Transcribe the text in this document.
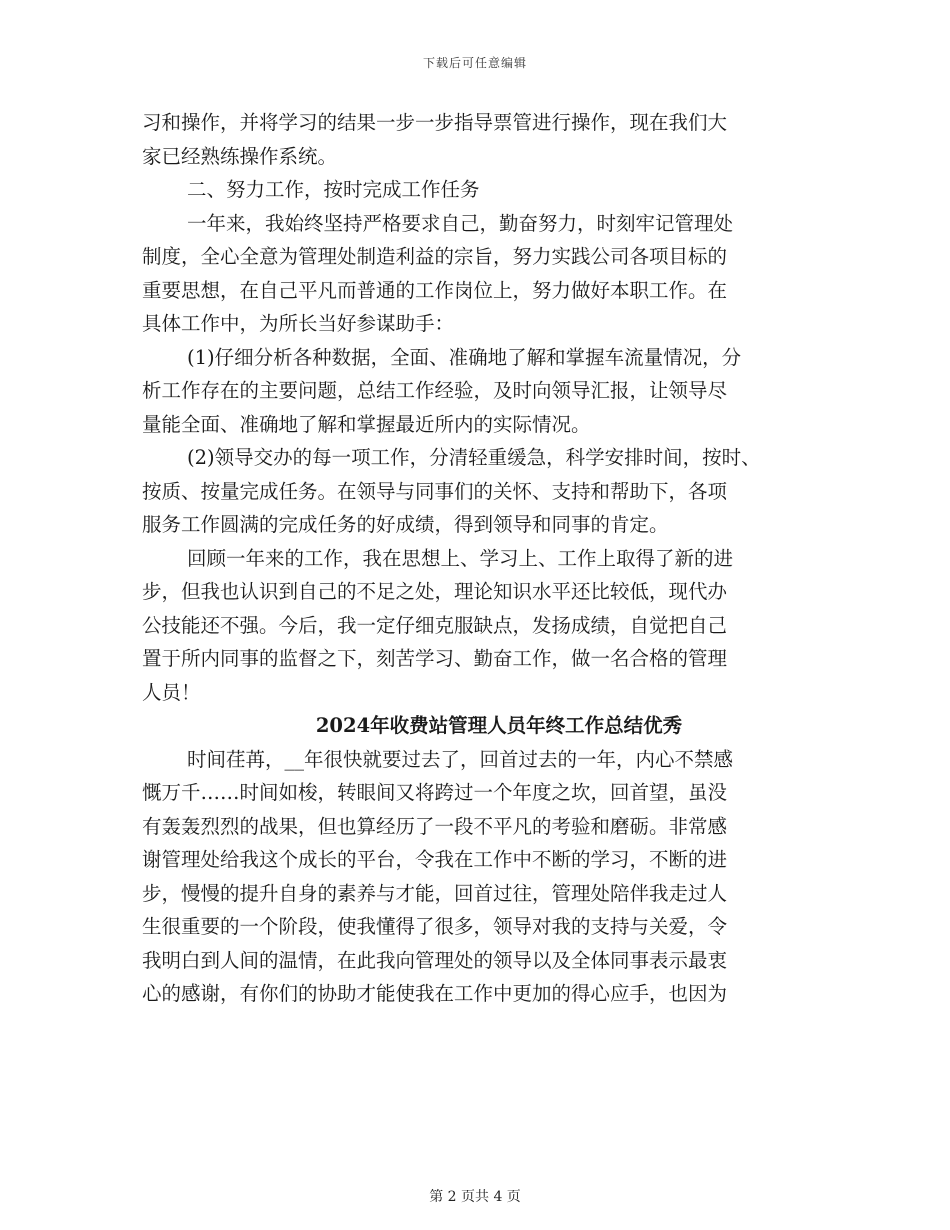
下载后可任意编辑
习和操作，并将学习的结果一步一步指导票管进行操作，现在我们大
家已经熟练操作系统。
二、努力工作，按时完成工作任务
一年来，我始终坚持严格要求自己，勤奋努力，时刻牢记管理处
制度，全心全意为管理处制造利益的宗旨，努力实践公司各项目标的
重要思想，在自己平凡而普通的工作岗位上，努力做好本职工作。在
具体工作中，为所长当好参谋助手：
(1)仔细分析各种数据，全面、准确地了解和掌握车流量情况，分
析工作存在的主要问题，总结工作经验，及时向领导汇报，让领导尽
量能全面、准确地了解和掌握最近所内的实际情况。
(2)领导交办的每一项工作，分清轻重缓急，科学安排时间，按时、
按质、按量完成任务。在领导与同事们的关怀、支持和帮助下，各项
服务工作圆满的完成任务的好成绩，得到领导和同事的肯定。
回顾一年来的工作，我在思想上、学习上、工作上取得了新的进
步，但我也认识到自己的不足之处，理论知识水平还比较低，现代办
公技能还不强。今后，我一定仔细克服缺点，发扬成绩，自觉把自己
置于所内同事的监督之下，刻苦学习、勤奋工作，做一名合格的管理
人员！
2024年收费站管理人员年终工作总结优秀
时间荏苒，__年很快就要过去了，回首过去的一年，内心不禁感
慨万千……时间如梭，转眼间又将跨过一个年度之坎，回首望，虽没
有轰轰烈烈的战果，但也算经历了一段不平凡的考验和磨砺。非常感
谢管理处给我这个成长的平台，令我在工作中不断的学习，不断的进
步，慢慢的提升自身的素养与才能，回首过往，管理处陪伴我走过人
生很重要的一个阶段，使我懂得了很多，领导对我的支持与关爱，令
我明白到人间的温情，在此我向管理处的领导以及全体同事表示最衷
心的感谢，有你们的协助才能使我在工作中更加的得心应手，也因为
第 2 页共 4 页
